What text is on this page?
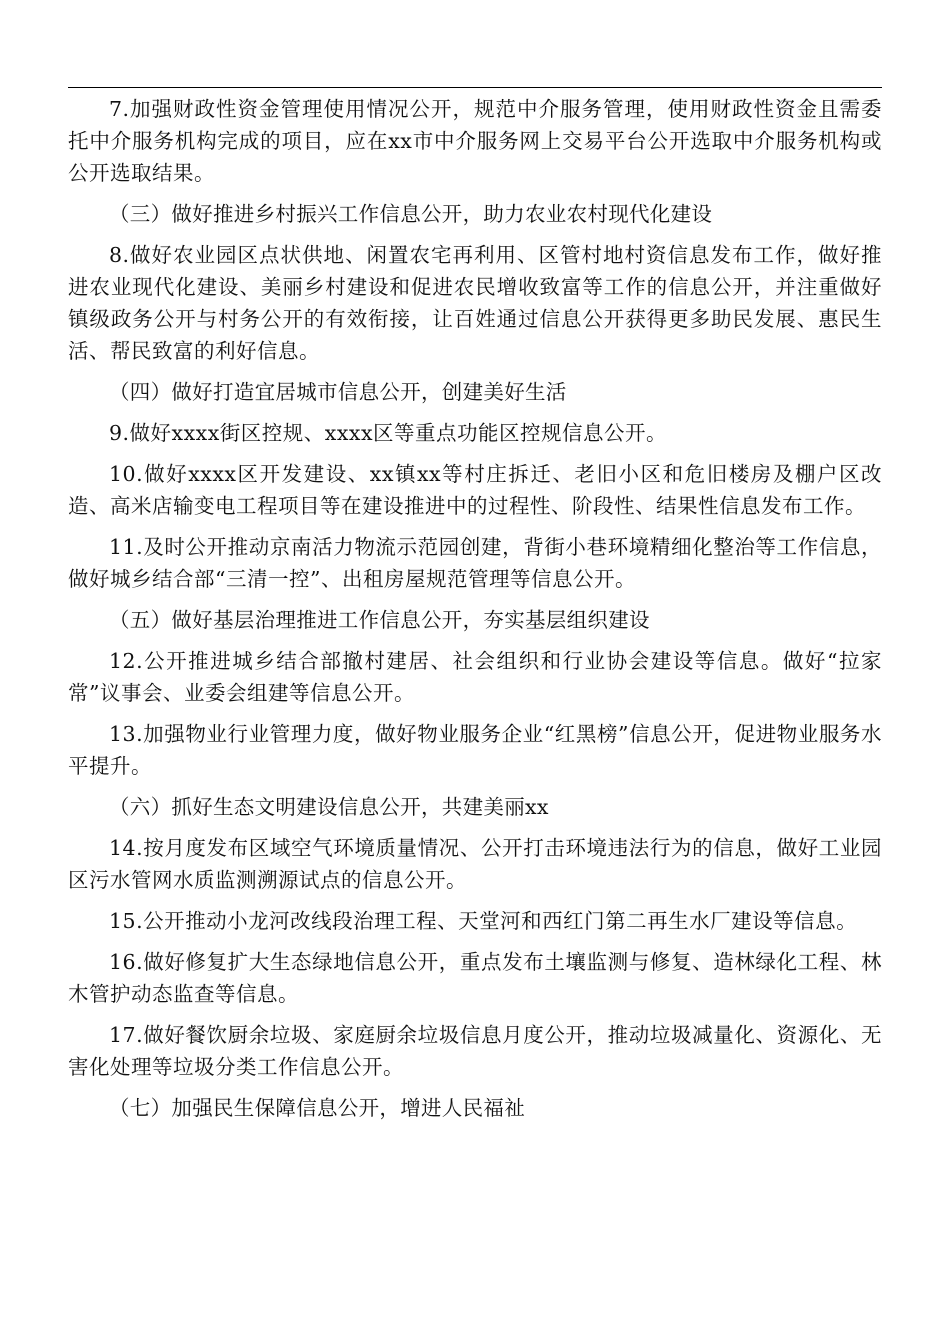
7.加强财政性资金管理使用情况公开，规范中介服务管理，使用财政性资金且需委托中介服务机构完成的项目，应在xx市中介服务网上交易平台公开选取中介服务机构或公开选取结果。

（三）做好推进乡村振兴工作信息公开，助力农业农村现代化建设

8.做好农业园区点状供地、闲置农宅再利用、区管村地村资信息发布工作，做好推进农业现代化建设、美丽乡村建设和促进农民增收致富等工作的信息公开，并注重做好镇级政务公开与村务公开的有效衔接，让百姓通过信息公开获得更多助民发展、惠民生活、帮民致富的利好信息。

（四）做好打造宜居城市信息公开，创建美好生活

9.做好xxxx街区控规、xxxx区等重点功能区控规信息公开。

10.做好xxxx区开发建设、xx镇xx等村庄拆迁、老旧小区和危旧楼房及棚户区改造、高米店输变电工程项目等在建设推进中的过程性、阶段性、结果性信息发布工作。

11.及时公开推动京南活力物流示范园创建，背街小巷环境精细化整治等工作信息，做好城乡结合部“三清一控”、出租房屋规范管理等信息公开。

（五）做好基层治理推进工作信息公开，夯实基层组织建设

12.公开推进城乡结合部撤村建居、社会组织和行业协会建设等信息。做好“拉家常”议事会、业委会组建等信息公开。

13.加强物业行业管理力度，做好物业服务企业“红黑榜”信息公开，促进物业服务水平提升。

（六）抓好生态文明建设信息公开，共建美丽xx

14.按月度发布区域空气环境质量情况、公开打击环境违法行为的信息，做好工业园区污水管网水质监测溯源试点的信息公开。

15.公开推动小龙河改线段治理工程、天堂河和西红门第二再生水厂建设等信息。

16.做好修复扩大生态绿地信息公开，重点发布土壤监测与修复、造林绿化工程、林木管护动态监查等信息。

17.做好餐饮厨余垃圾、家庭厨余垃圾信息月度公开，推动垃圾减量化、资源化、无害化处理等垃圾分类工作信息公开。

（七）加强民生保障信息公开，增进人民福祉
